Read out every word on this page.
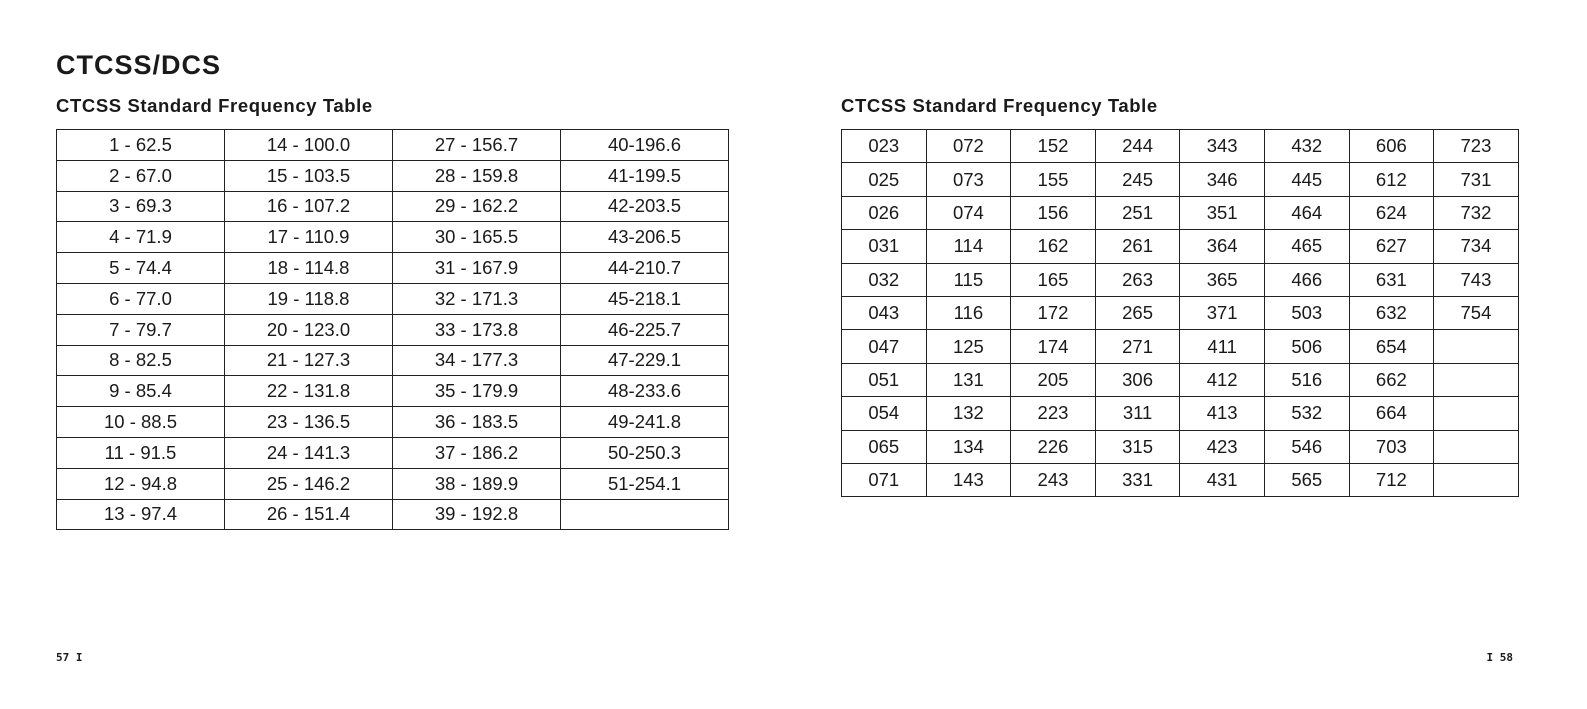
CTCSS/DCS
CTCSS Standard Frequency Table
1 - 62.5	14 - 100.0	27 - 156.7	40-196.6
2 - 67.0	15 - 103.5	28 - 159.8	41-199.5
3 - 69.3	16 - 107.2	29 - 162.2	42-203.5
4 - 71.9	17 - 110.9	30 - 165.5	43-206.5
5 - 74.4	18 - 114.8	31 - 167.9	44-210.7
6 - 77.0	19 - 118.8	32 - 171.3	45-218.1
7 - 79.7	20 - 123.0	33 - 173.8	46-225.7
8 - 82.5	21 - 127.3	34 - 177.3	47-229.1
9 - 85.4	22 - 131.8	35 - 179.9	48-233.6
10 - 88.5	23 - 136.5	36 - 183.5	49-241.8
11 - 91.5	24 - 141.3	37 - 186.2	50-250.3
12 - 94.8	25 - 146.2	38 - 189.9	51-254.1
13 - 97.4	26 - 151.4	39 - 192.8	
CTCSS Standard Frequency Table
023	072	152	244	343	432	606	723
025	073	155	245	346	445	612	731
026	074	156	251	351	464	624	732
031	114	162	261	364	465	627	734
032	115	165	263	365	466	631	743
043	116	172	265	371	503	632	754
047	125	174	271	411	506	654	
051	131	205	306	412	516	662	
054	132	223	311	413	532	664	
065	134	226	315	423	546	703	
071	143	243	331	431	565	712	
57 I	I 58
